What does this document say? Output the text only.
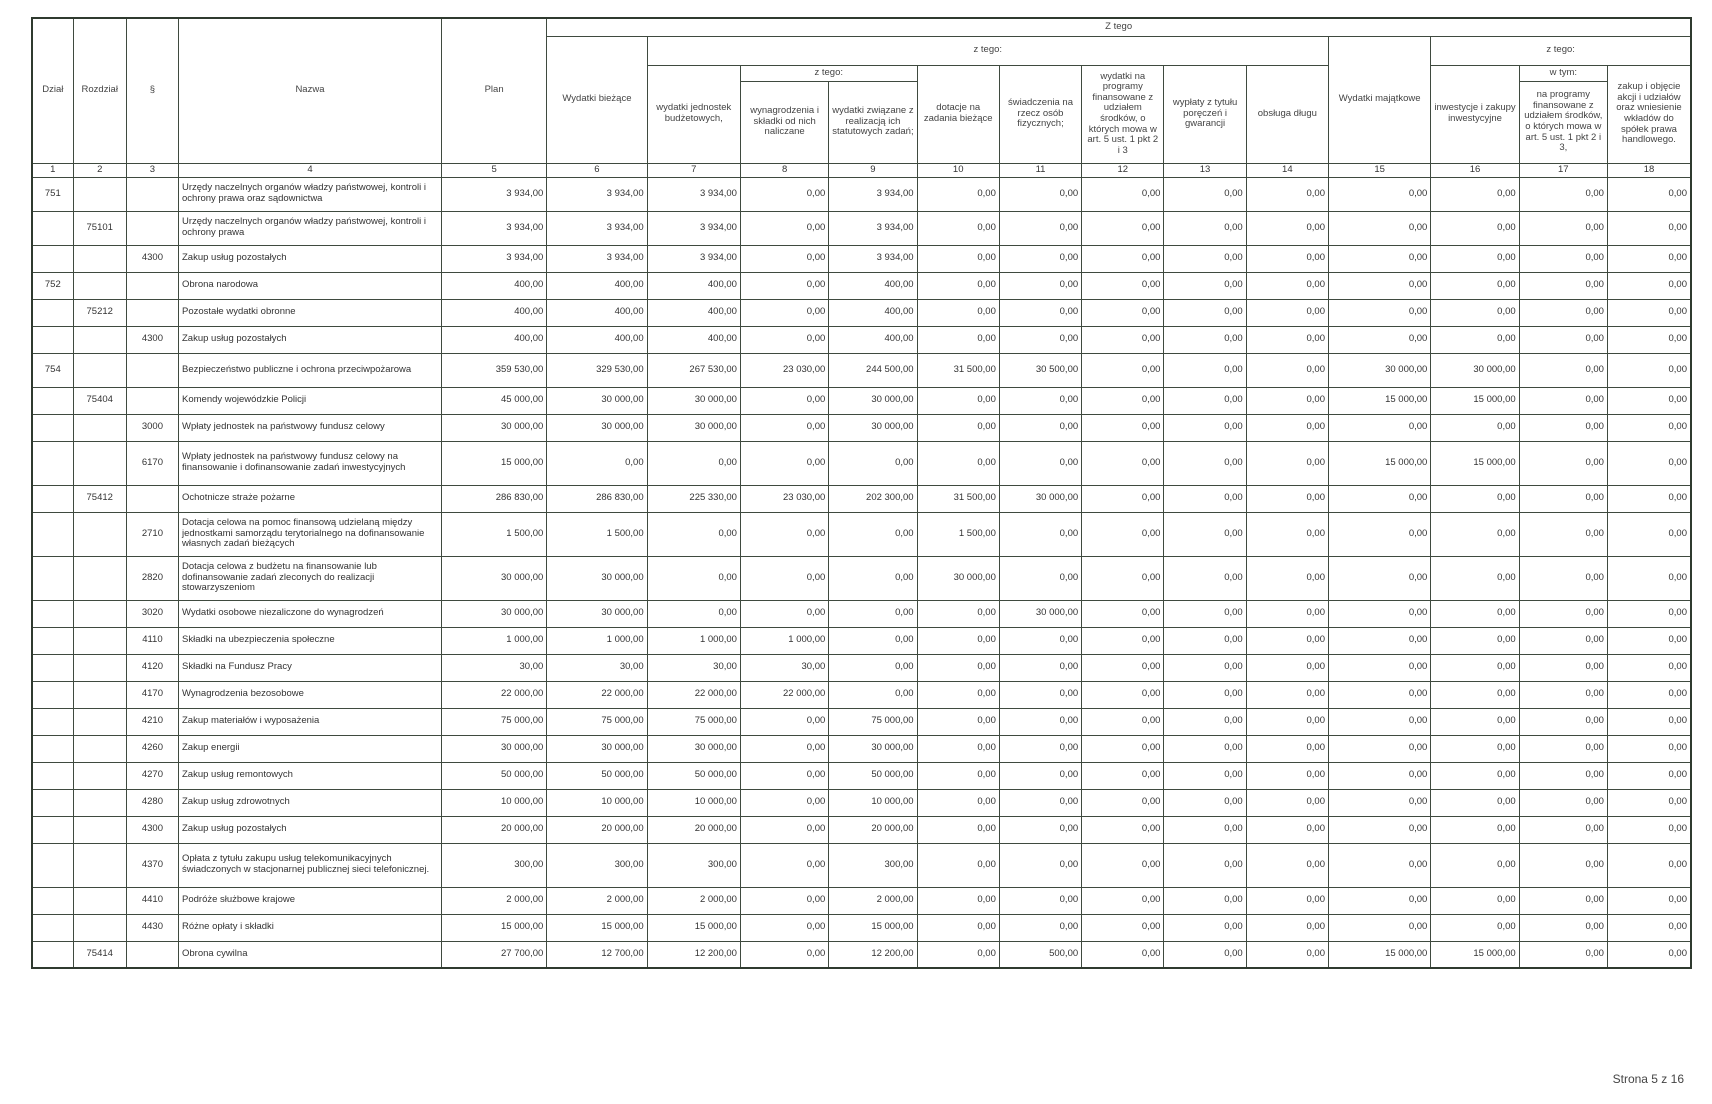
Dział	Rozdział	§	Nazwa	Plan	Z tego												
					Wydatki bieżące	z tego:								Wydatki majątkowe	z tego:		
						wydatki jednostek budżetowych,	z tego:		dotacje na zadania bieżące	świadczenia na rzecz osób fizycznych;	wydatki na programy finansowane z udziałem środków, o których mowa w art. 5 ust. 1 pkt 2 i 3	wypłaty z tytułu poręczeń i gwarancji	obsługa długu		inwestycje i zakupy inwestycyjne	w tym:	zakup i objęcie akcji i udziałów oraz wniesienie wkładów do spółek prawa handlowego.
							wynagrodzenia i składki od nich naliczane	wydatki związane z realizacją ich statutowych zadań;								na programy finansowane z udziałem środków, o których mowa w art. 5 ust. 1 pkt 2 i 3,	
1	2	3	4	5	6	7	8	9	10	11	12	13	14	15	16	17	18
751			Urzędy naczelnych organów władzy państwowej, kontroli i ochrony prawa oraz sądownictwa	3 934,00	3 934,00	3 934,00	0,00	3 934,00	0,00	0,00	0,00	0,00	0,00	0,00	0,00	0,00	0,00
	75101		Urzędy naczelnych organów władzy państwowej, kontroli i ochrony prawa	3 934,00	3 934,00	3 934,00	0,00	3 934,00	0,00	0,00	0,00	0,00	0,00	0,00	0,00	0,00	0,00
		4300	Zakup usług pozostałych	3 934,00	3 934,00	3 934,00	0,00	3 934,00	0,00	0,00	0,00	0,00	0,00	0,00	0,00	0,00	0,00
752			Obrona narodowa	400,00	400,00	400,00	0,00	400,00	0,00	0,00	0,00	0,00	0,00	0,00	0,00	0,00	0,00
	75212		Pozostałe wydatki obronne	400,00	400,00	400,00	0,00	400,00	0,00	0,00	0,00	0,00	0,00	0,00	0,00	0,00	0,00
		4300	Zakup usług pozostałych	400,00	400,00	400,00	0,00	400,00	0,00	0,00	0,00	0,00	0,00	0,00	0,00	0,00	0,00
754			Bezpieczeństwo publiczne i ochrona przeciwpożarowa	359 530,00	329 530,00	267 530,00	23 030,00	244 500,00	31 500,00	30 500,00	0,00	0,00	0,00	30 000,00	30 000,00	0,00	0,00
	75404		Komendy wojewódzkie Policji	45 000,00	30 000,00	30 000,00	0,00	30 000,00	0,00	0,00	0,00	0,00	0,00	15 000,00	15 000,00	0,00	0,00
		3000	Wpłaty jednostek na państwowy fundusz celowy	30 000,00	30 000,00	30 000,00	0,00	30 000,00	0,00	0,00	0,00	0,00	0,00	0,00	0,00	0,00	0,00
		6170	Wpłaty jednostek na państwowy fundusz celowy na finansowanie i dofinansowanie zadań inwestycyjnych	15 000,00	0,00	0,00	0,00	0,00	0,00	0,00	0,00	0,00	0,00	15 000,00	15 000,00	0,00	0,00
	75412		Ochotnicze straże pożarne	286 830,00	286 830,00	225 330,00	23 030,00	202 300,00	31 500,00	30 000,00	0,00	0,00	0,00	0,00	0,00	0,00	0,00
		2710	Dotacja celowa na pomoc finansową udzielaną między jednostkami samorządu terytorialnego na dofinansowanie własnych zadań bieżących	1 500,00	1 500,00	0,00	0,00	0,00	1 500,00	0,00	0,00	0,00	0,00	0,00	0,00	0,00	0,00
		2820	Dotacja celowa z budżetu na finansowanie lub dofinansowanie zadań zleconych do realizacji stowarzyszeniom	30 000,00	30 000,00	0,00	0,00	0,00	30 000,00	0,00	0,00	0,00	0,00	0,00	0,00	0,00	0,00
		3020	Wydatki osobowe niezaliczone do wynagrodzeń	30 000,00	30 000,00	0,00	0,00	0,00	0,00	30 000,00	0,00	0,00	0,00	0,00	0,00	0,00	0,00
		4110	Składki na ubezpieczenia społeczne	1 000,00	1 000,00	1 000,00	1 000,00	0,00	0,00	0,00	0,00	0,00	0,00	0,00	0,00	0,00	0,00
		4120	Składki na Fundusz Pracy	30,00	30,00	30,00	30,00	0,00	0,00	0,00	0,00	0,00	0,00	0,00	0,00	0,00	0,00
		4170	Wynagrodzenia bezosobowe	22 000,00	22 000,00	22 000,00	22 000,00	0,00	0,00	0,00	0,00	0,00	0,00	0,00	0,00	0,00	0,00
		4210	Zakup materiałów i wyposażenia	75 000,00	75 000,00	75 000,00	0,00	75 000,00	0,00	0,00	0,00	0,00	0,00	0,00	0,00	0,00	0,00
		4260	Zakup energii	30 000,00	30 000,00	30 000,00	0,00	30 000,00	0,00	0,00	0,00	0,00	0,00	0,00	0,00	0,00	0,00
		4270	Zakup usług remontowych	50 000,00	50 000,00	50 000,00	0,00	50 000,00	0,00	0,00	0,00	0,00	0,00	0,00	0,00	0,00	0,00
		4280	Zakup usług zdrowotnych	10 000,00	10 000,00	10 000,00	0,00	10 000,00	0,00	0,00	0,00	0,00	0,00	0,00	0,00	0,00	0,00
		4300	Zakup usług pozostałych	20 000,00	20 000,00	20 000,00	0,00	20 000,00	0,00	0,00	0,00	0,00	0,00	0,00	0,00	0,00	0,00
		4370	Opłata z tytułu zakupu usług telekomunikacyjnych świadczonych w stacjonarnej publicznej sieci telefonicznej.	300,00	300,00	300,00	0,00	300,00	0,00	0,00	0,00	0,00	0,00	0,00	0,00	0,00	0,00
		4410	Podróże służbowe krajowe	2 000,00	2 000,00	2 000,00	0,00	2 000,00	0,00	0,00	0,00	0,00	0,00	0,00	0,00	0,00	0,00
		4430	Różne opłaty i składki	15 000,00	15 000,00	15 000,00	0,00	15 000,00	0,00	0,00	0,00	0,00	0,00	0,00	0,00	0,00	0,00
	75414		Obrona cywilna	27 700,00	12 700,00	12 200,00	0,00	12 200,00	0,00	500,00	0,00	0,00	0,00	15 000,00	15 000,00	0,00	0,00
Strona 5 z 16
